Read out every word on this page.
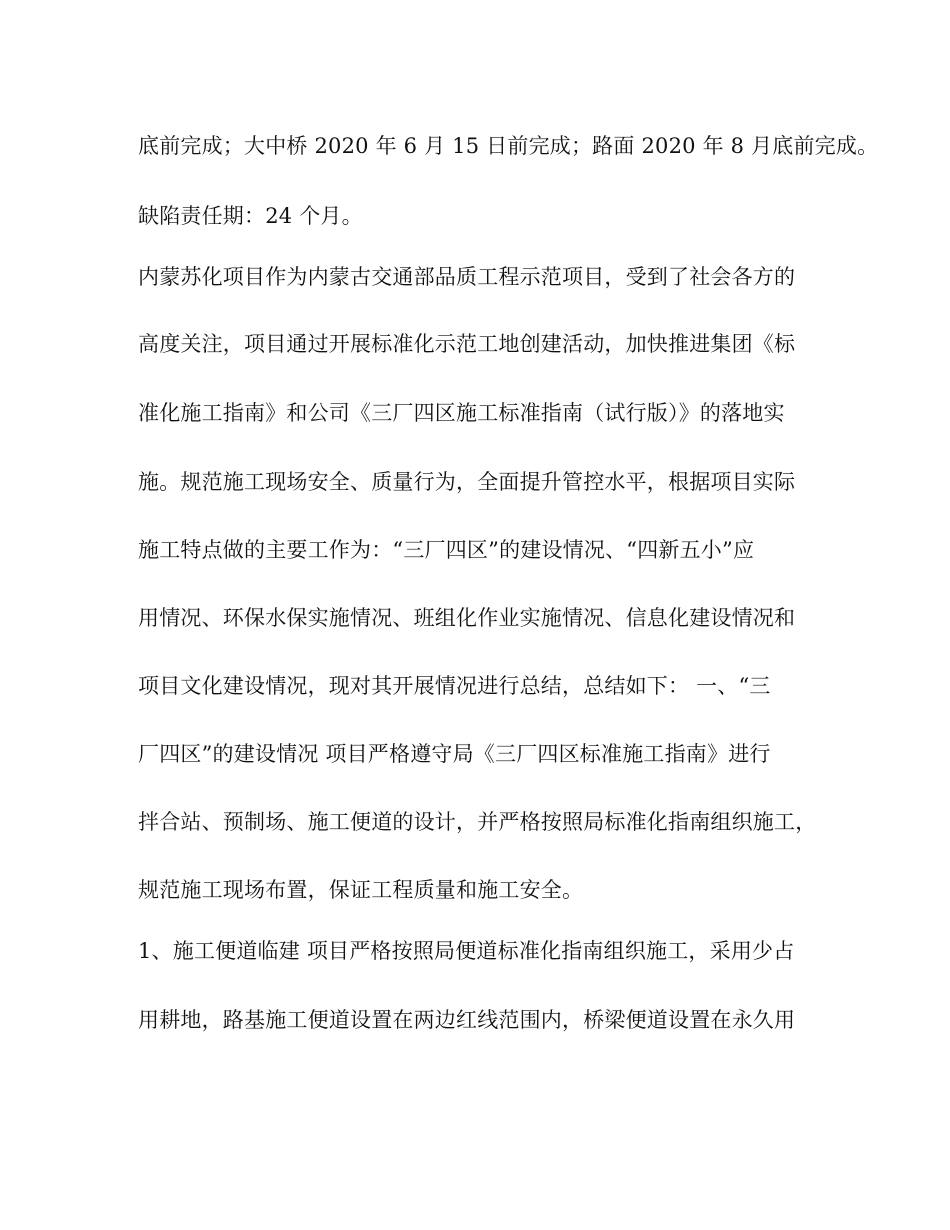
底前完成；大中桥 2020 年 6 月 15 日前完成；路面 2020 年 8 月底前完成。
缺陷责任期：24 个月。
内蒙苏化项目作为内蒙古交通部品质工程示范项目，受到了社会各方的
高度关注，项目通过开展标准化示范工地创建活动，加快推进集团《标
准化施工指南》和公司《三厂四区施工标准指南（试行版）》的落地实
施。规范施工现场安全、质量行为，全面提升管控水平，根据项目实际
施工特点做的主要工作为：“三厂四区”的建设情况、“四新五小”应
用情况、环保水保实施情况、班组化作业实施情况、信息化建设情况和
项目文化建设情况，现对其开展情况进行总结，总结如下： 一、“三
厂四区”的建设情况 项目严格遵守局《三厂四区标准施工指南》进行
拌合站、预制场、施工便道的设计，并严格按照局标准化指南组织施工，
规范施工现场布置，保证工程质量和施工安全。
1、施工便道临建 项目严格按照局便道标准化指南组织施工，采用少占
用耕地，路基施工便道设置在两边红线范围内，桥梁便道设置在永久用
